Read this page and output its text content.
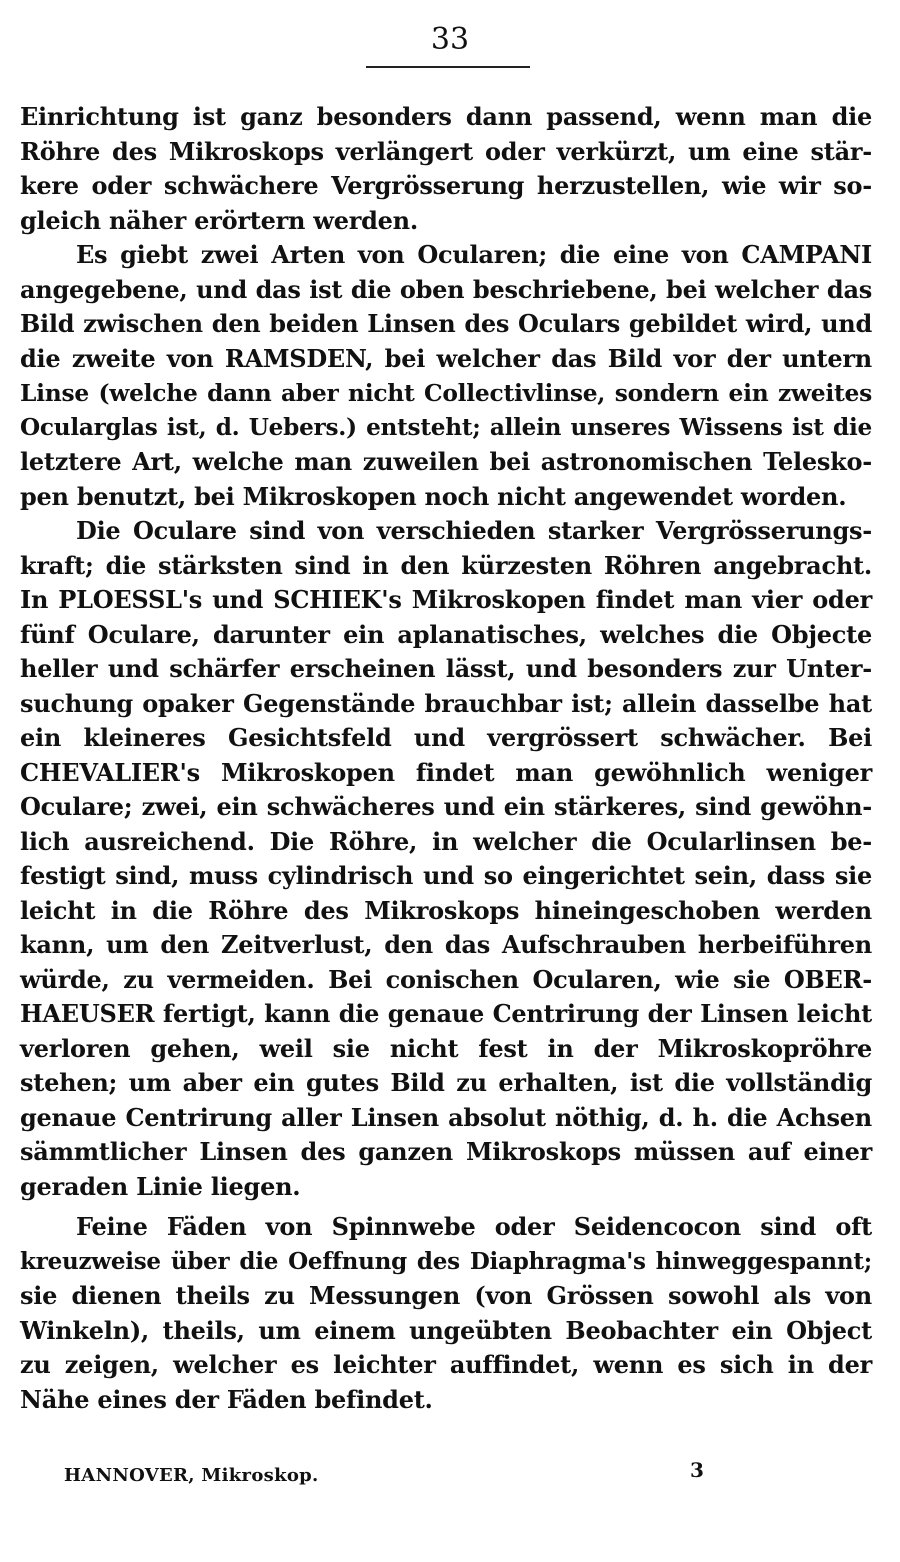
33
Einrichtung ist ganz besonders dann passend, wenn man die
Röhre des Mikroskops verlängert oder verkürzt, um eine stär-
kere oder schwächere Vergrösserung herzustellen, wie wir so-
gleich näher erörtern werden.
Es giebt zwei Arten von Ocularen; die eine von CAMPANI
angegebene, und das ist die oben beschriebene, bei welcher das
Bild zwischen den beiden Linsen des Oculars gebildet wird, und
die zweite von RAMSDEN, bei welcher das Bild vor der untern
Linse (welche dann aber nicht Collectivlinse, sondern ein zweites
Ocularglas ist, d. Uebers.) entsteht; allein unseres Wissens ist die
letztere Art, welche man zuweilen bei astronomischen Telesko-
pen benutzt, bei Mikroskopen noch nicht angewendet worden.
Die Oculare sind von verschieden starker Vergrösserungs-
kraft; die stärksten sind in den kürzesten Röhren angebracht.
In PLOESSL's und SCHIEK's Mikroskopen findet man vier oder
fünf Oculare, darunter ein aplanatisches, welches die Objecte
heller und schärfer erscheinen lässt, und besonders zur Unter-
suchung opaker Gegenstände brauchbar ist; allein dasselbe hat
ein kleineres Gesichtsfeld und vergrössert schwächer. Bei
CHEVALIER's Mikroskopen findet man gewöhnlich weniger
Oculare; zwei, ein schwächeres und ein stärkeres, sind gewöhn-
lich ausreichend. Die Röhre, in welcher die Ocularlinsen be-
festigt sind, muss cylindrisch und so eingerichtet sein, dass sie
leicht in die Röhre des Mikroskops hineingeschoben werden
kann, um den Zeitverlust, den das Aufschrauben herbeiführen
würde, zu vermeiden. Bei conischen Ocularen, wie sie OBER-
HAEUSER fertigt, kann die genaue Centrirung der Linsen leicht
verloren gehen, weil sie nicht fest in der Mikroskopröhre
stehen; um aber ein gutes Bild zu erhalten, ist die vollständig
genaue Centrirung aller Linsen absolut nöthig, d. h. die Achsen
sämmtlicher Linsen des ganzen Mikroskops müssen auf einer
geraden Linie liegen.
Feine Fäden von Spinnwebe oder Seidencocon sind oft
kreuzweise über die Oeffnung des Diaphragma's hinweggespannt;
sie dienen theils zu Messungen (von Grössen sowohl als von
Winkeln), theils, um einem ungeübten Beobachter ein Object
zu zeigen, welcher es leichter auffindet, wenn es sich in der
Nähe eines der Fäden befindet.
HANNOVER, Mikroskop.	3
